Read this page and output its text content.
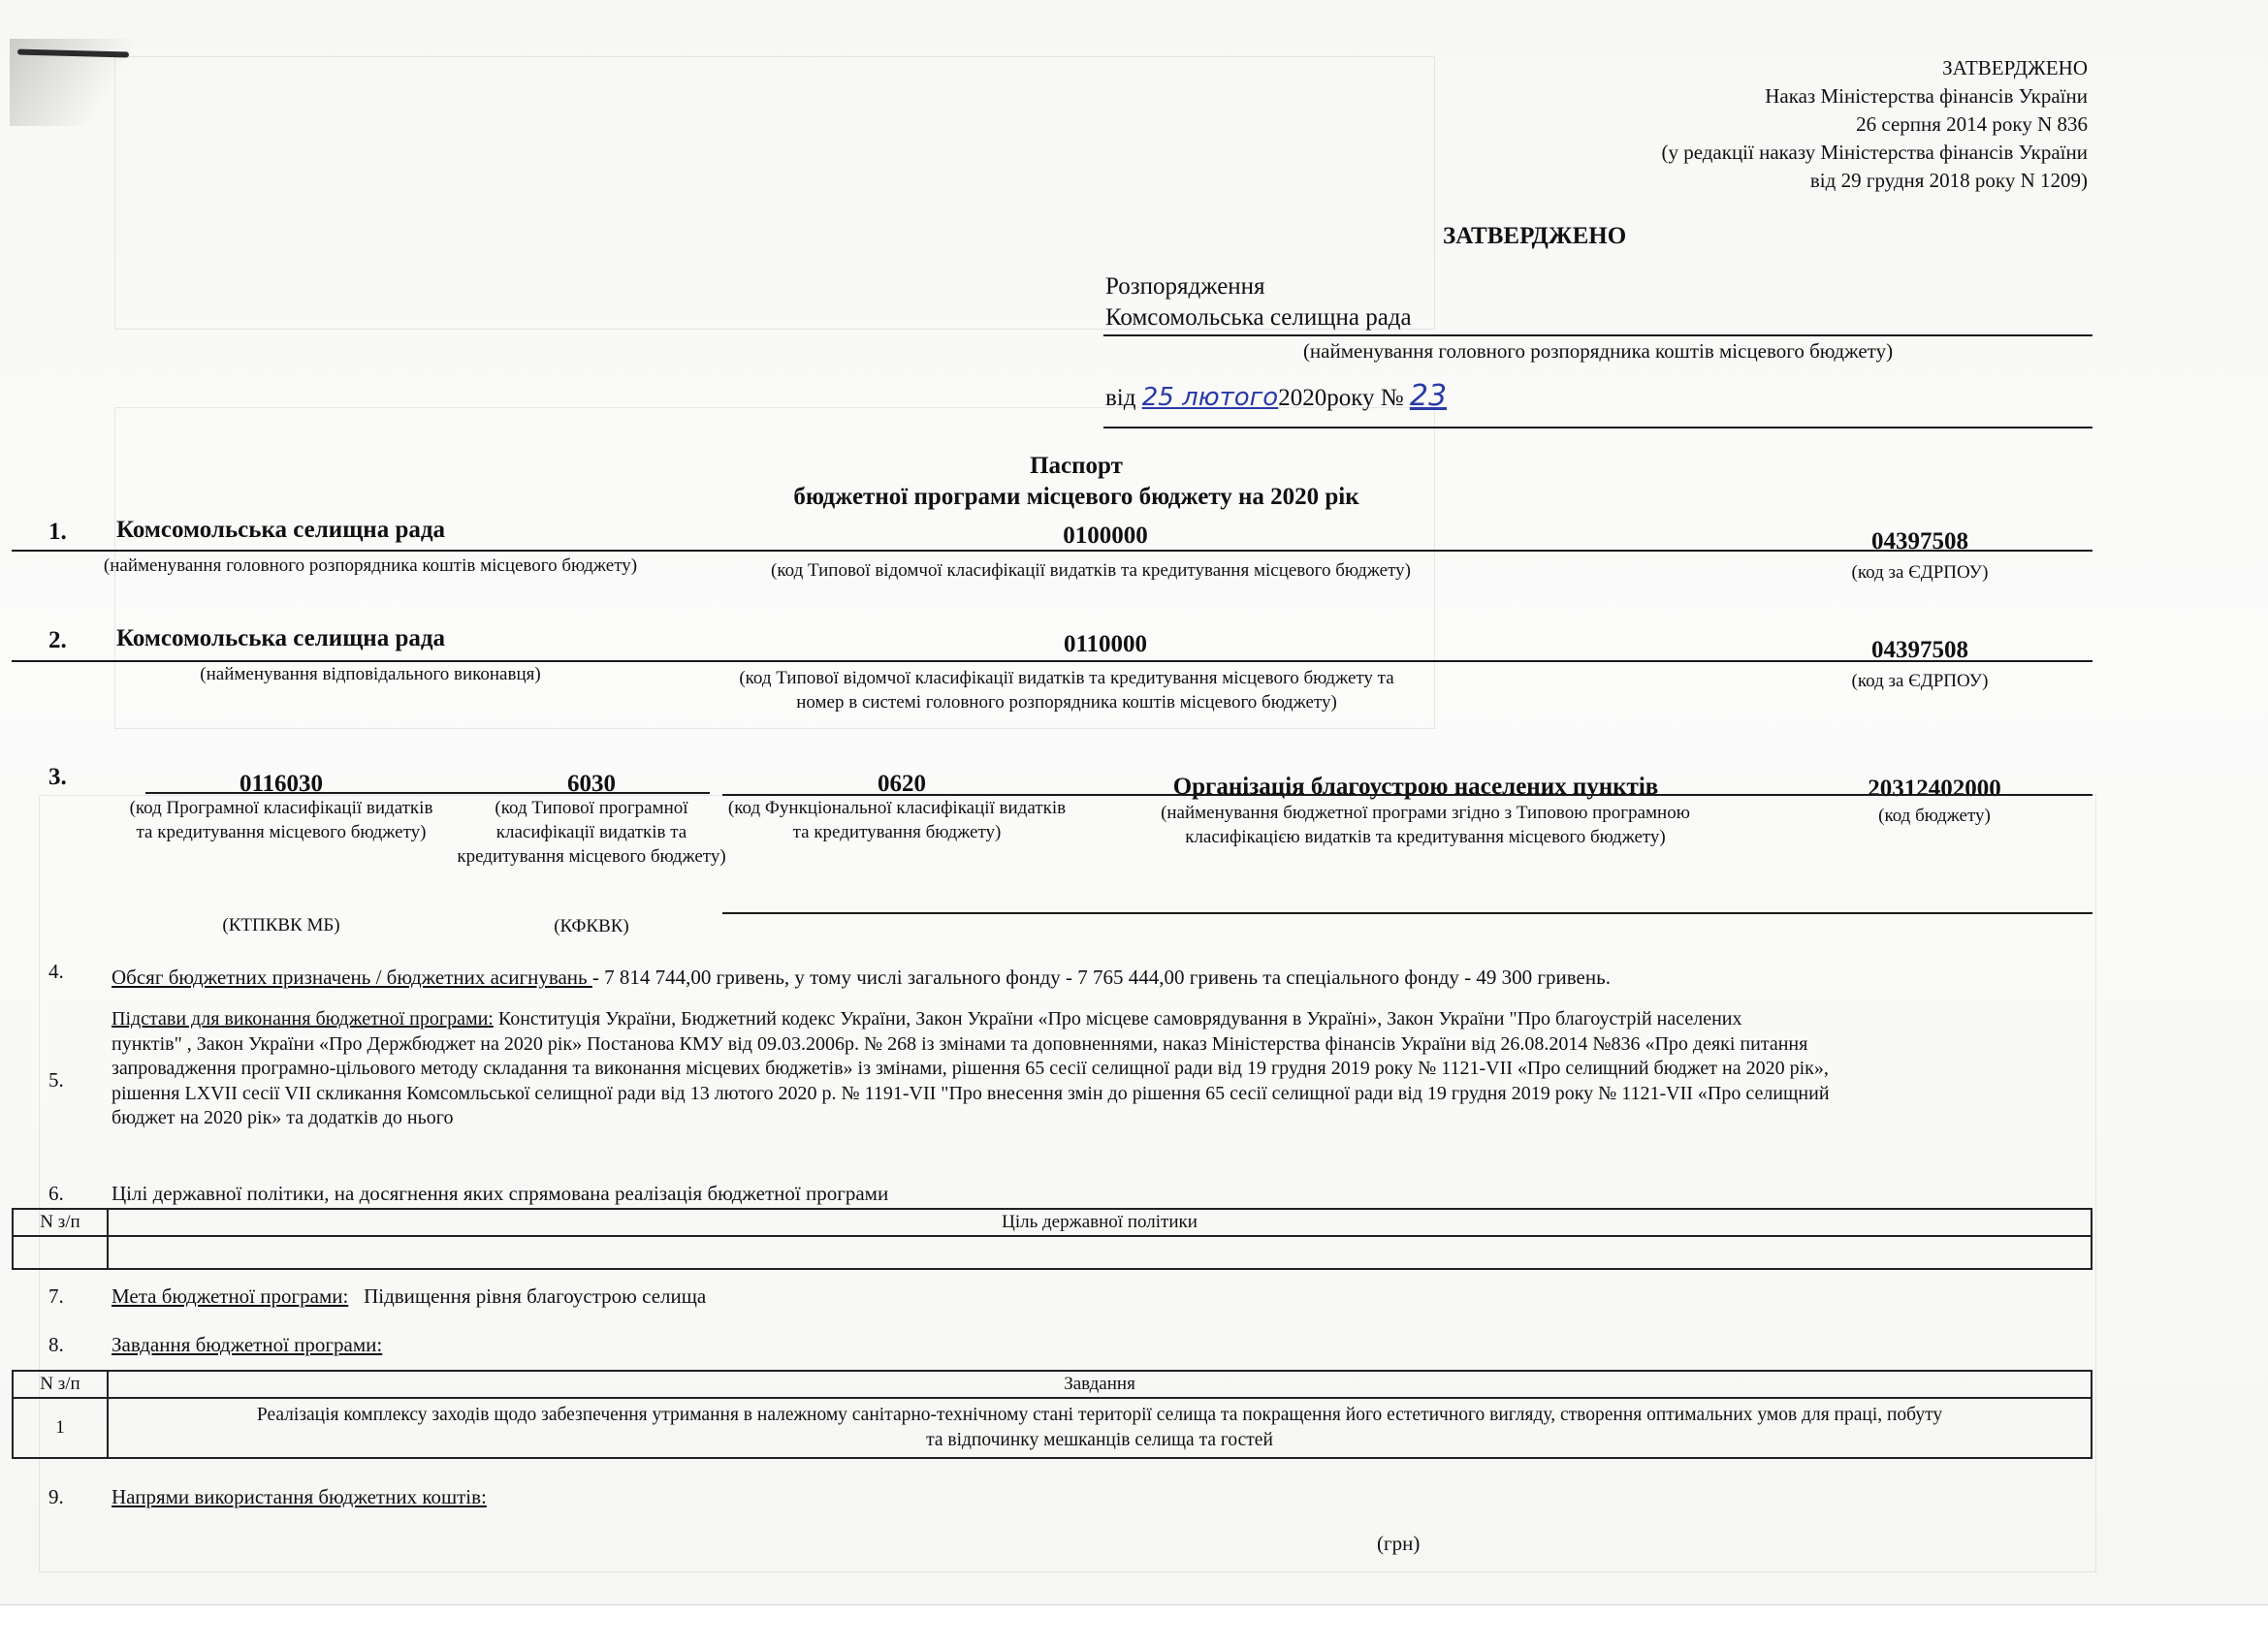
ЗАТВЕРДЖЕНО
Наказ Міністерства фінансів України
26 серпня 2014 року N 836
(у редакції наказу Міністерства фінансів України
від 29 грудня 2018 року N 1209)
ЗАТВЕРДЖЕНО
Розпорядження
Комсомольська селищна рада
(найменування головного розпорядника коштів місцевого бюджету)
від 25 лютого2020року № 23
Паспорт
бюджетної програми місцевого бюджету на 2020 рік
1. Комсомольська селищна рада	0100000	04397508
(найменування головного розпорядника коштів місцевого бюджету)	(код Типової відомчої класифікації видатків та кредитування місцевого бюджету)	(код за ЄДРПОУ)
2. Комсомольська селищна рада	0110000	04397508
(найменування відповідального виконавця)	(код Типової відомчої класифікації видатків та кредитування місцевого бюджету та номер в системі головного розпорядника коштів місцевого бюджету)
(код за ЄДРПОУ)
3.	0116030	6030	0620	Організація благоустрою населених пунктів	20312402000
(код Програмної класифікації видатків та кредитування місцевого бюджету)
(код Типової програмної класифікації видатків та кредитування місцевого бюджету)
(код Функціональної класифікації видатків та кредитування бюджету)
(найменування бюджетної програми згідно з Типовою програмною класифікацією видатків та кредитування місцевого бюджету)
(код бюджету)
(КТПКВК МБ)	(КФКВК)
4. Обсяг бюджетних призначень / бюджетних асигнувань - 7 814 744,00 гривень, у тому числі загального фонду - 7 765 444,00 гривень та спеціального фонду - 49 300 гривень.
5.
Підстави для виконання бюджетної програми: Конституція України, Бюджетний кодекс України, Закон України «Про місцеве самоврядування в Україні», Закон України "Про благоустрій населених
пунктів" , Закон України «Про Держбюджет на 2020 рік» Постанова КМУ від 09.03.2006р. № 268 із змінами та доповненнями, наказ Міністерства фінансів України від 26.08.2014 №836 «Про деякі питання
запровадження програмно-цільового методу складання та виконання місцевих бюджетів» із змінами, рішення 65 сесії селищної ради від 19 грудня 2019 року № 1121-VII «Про селищний бюджет на 2020 рік»,
рішення LXVII сесії VII скликання Комсомльської селищної ради від 13 лютого 2020 р. № 1191-VII "Про внесення змін до рішення 65 сесії селищної ради від 19 грудня 2019 року № 1121-VII «Про селищний
бюджет на 2020 рік» та додатків до нього
6. Цілі державної політики, на досягнення яких спрямована реалізація бюджетної програми
N з/п	Ціль державної політики

7. Мета бюджетної програми: Підвищення рівня благоустрою селища
8. Завдання бюджетної програми:
N з/п	Завдання
1	Реалізація комплексу заходів щодо забезпечення утримання в належному санітарно-технічному стані території селища та покращення його естетичного вигляду, створення оптимальних умов для праці, побуту
та відпочинку мешканців селища та гостей
9. Напрями використання бюджетних коштів:
(грн)
